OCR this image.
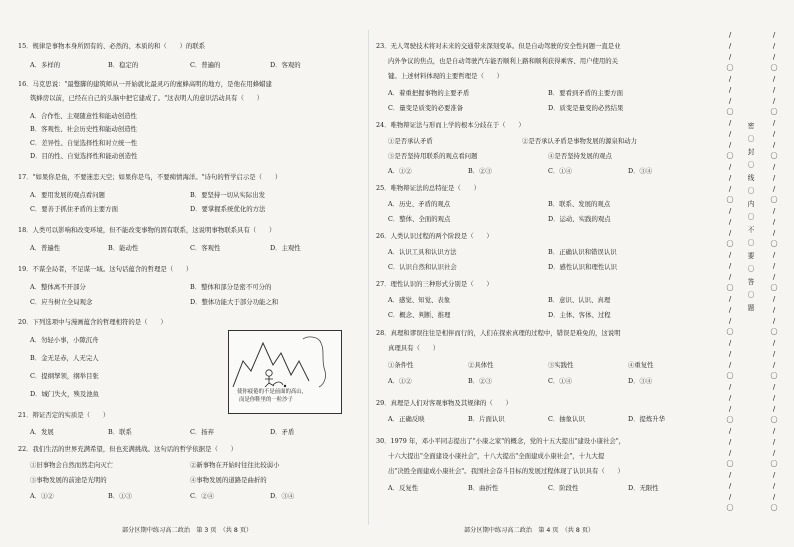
15．规律是事物本身所固有的、必然的、本质的和（　　）的联系
A．多样的	B．稳定的	C．普遍的	D．客观的
16．马克思说："最蹩脚的建筑师从一开始就比最灵巧的蜜蜂高明的地方，是他在用蜂蜡建
筑蜂房以前，已经在自己的头脑中把它建成了。"这表明人的意识活动具有（　　）
A．合作性、主观随意性和能动创造性
B．客观性、社会历史性和能动创造性
C．差异性、自觉选择性和对立统一性
D．目的性、自觉选择性和能动创造性
17．"如果你是鱼，不要迷恋天空；如果你是鸟，不要痴情海洋。"诗句的哲学启示是（　　）
A．要用发展的观点看问题	B．要坚持一切从实际出发
C．要善于抓住矛盾的主要方面	D．要掌握系统优化的方法
18．人类可以影响和改变环境，但不能改变事物的固有联系，这说明事物联系具有（　　）
A．普遍性	B．能动性	C．客观性	D．主观性
19．不谋全局者，不足谋一域。这句话蕴含的哲理是（　　）
A．整体离不开部分	B．整体和部分是密不可分的
C．应当树立全局观念	D．整体功能大于部分功能之和
20．下列选项中与漫画蕴含的哲理相符的是（　　）
A．勿轻小事，小隙沉舟
B．金无足赤，人无完人
C．提纲挈领，纲举目张
D．城门失火，殃及池鱼	使你疲倦的不是前面的高山，
而是你鞋里的一粒沙子
21．辩证否定的实质是（　　）
A．发展	B．联系	C．扬弃	D．矛盾
22．我们生活的世界充满希望，但也充满挑战。这句话的哲学依据是（　　）
①旧事物会自然而然走向灭亡	②新事物在开始时往往比较弱小
③事物发展的前途是光明的	④事物发展的道路是曲折的
A．①②	B．①③	C．②④	D．③④
部分区期中练习高二政治　第 3 页　（共 8 页）
23．无人驾驶技术将对未来的交通带来深刻变革。但是自动驾驶的安全性问题一直是业
内外争议的焦点，也是自动驾驶汽车能否顺利上路和顺利获得乘客、用户使用的关
键。上述材料体现的主要哲理是（　　）
A．着重把握事物的主要矛盾	B．要看到矛盾的主要方面
C．量变是质变的必要准备	D．质变是量变的必然结果
24．唯物辩证法与形而上学的根本分歧在于（　　）
①是否承认矛盾	②是否承认矛盾是事物发展的源泉和动力
③是否坚持用联系的观点看问题	④是否坚持发展的观点
A．①②	B．②③	C．①④	D．③④
25．唯物辩证法的总特征是（　　）
A．历史、矛盾的观点	B．联系、发展的观点
C．整体、全面的观点	D．运动、实践的观点
26．人类认识过程的两个阶段是（　　）
A．认识工具和认识方法	B．正确认识和错误认识
C．认识自然和认识社会	D．感性认识和理性认识
27．理性认识的三种形式分别是（　　）
A．感觉、知觉、表象	B．意识、认识、真理
C．概念、判断、推理	D．主体、客体、过程
28．真理和谬误往往是相伴而行的，人们在探索真理的过程中，错误是难免的，这说明
真理具有（　　）
①条件性	②具体性	③实践性	④重复性
A．①②	B．②③	C．①④	D．③④
29．真理是人们对客观事物及其规律的（　　）
A．正确反映	B．片面认识	C．抽象认识	D．提炼升华
30．1979 年，邓小平同志提出了"小康之家"的概念，党的十五大提出"建设小康社会"，
十六大提出"全面建设小康社会"，十八大提出"全面建成小康社会"，十九大提
出"决胜全面建成小康社会"。我国社会奋斗目标的发展过程体现了认识具有（　　）
A．反复性	B．曲折性	C．阶段性	D．无限性
部分区期中练习高二政治　第 4 页　（共 8 页）
/
/
/
〇
/
/
/
〇
/
/
/
〇
/
/
/
〇
/
/
/
〇
/
/
/
〇
/
/
/
〇
/
/
/
〇
/
/
/
〇
/
/
/
〇
/
/
/
〇
/
/
/
〇
/
/
/
〇
/
/
/
〇
/
/
/
〇
/
/
/
〇
/
/
/
〇
/
/
/
〇
/
/
/
〇
/
/
/
〇
/
/
/
〇
/
/
/
〇
密
〇
封
〇
线
〇
内
〇
不
〇
要
〇
答
〇
题
